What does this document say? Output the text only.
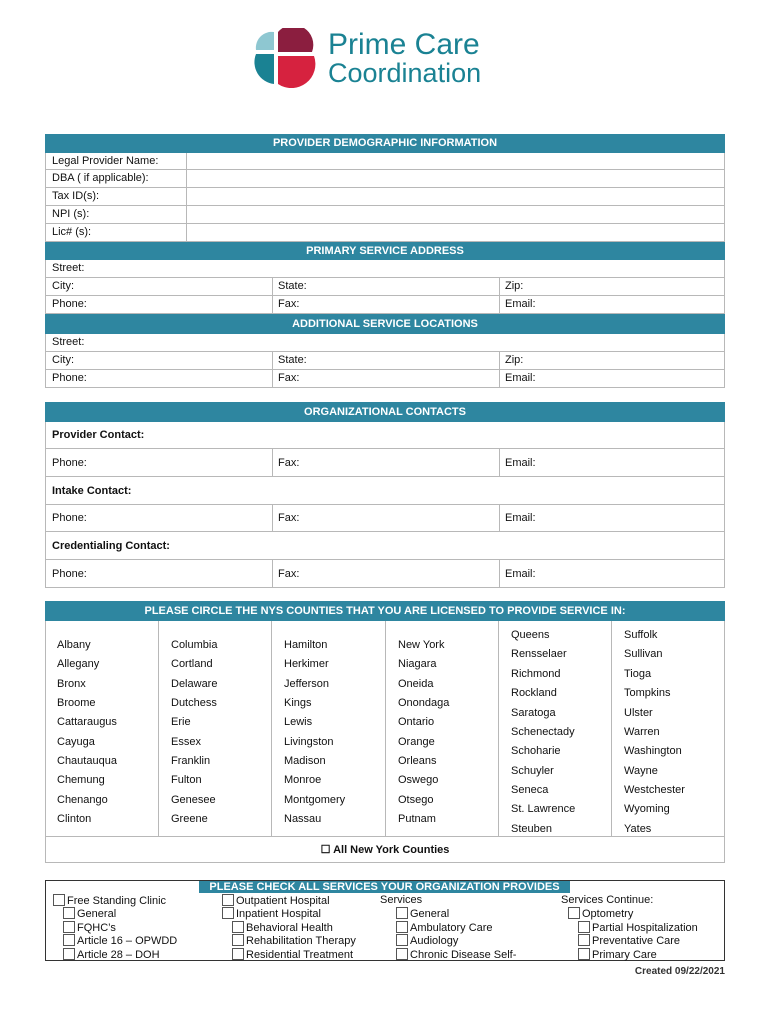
Prime Care
Coordination
PROVIDER DEMOGRAPHIC INFORMATION
Legal Provider Name:
DBA ( if applicable):
Tax ID(s):
NPI (s):
Lic# (s):
PRIMARY SERVICE ADDRESS
Street:
City:	State:	Zip:
Phone:	Fax:	Email:
ADDITIONAL SERVICE LOCATIONS
Street:
City:	State:	Zip:
Phone:	Fax:	Email:
ORGANIZATIONAL CONTACTS
Provider Contact:
Phone:	Fax:	Email:
Intake Contact:
Phone:	Fax:	Email:
Credentialing Contact:
Phone:	Fax:	Email:
PLEASE CIRCLE THE NYS COUNTIES THAT YOU ARE LICENSED TO PROVIDE SERVICE IN:
Albany
Allegany
Bronx
Broome
Cattaraugus
Cayuga
Chautauqua
Chemung
Chenango
Clinton
Columbia
Cortland
Delaware
Dutchess
Erie
Essex
Franklin
Fulton
Genesee
Greene
Hamilton
Herkimer
Jefferson
Kings
Lewis
Livingston
Madison
Monroe
Montgomery
Nassau
New York
Niagara
Oneida
Onondaga
Ontario
Orange
Orleans
Oswego
Otsego
Putnam
Queens
Rensselaer
Richmond
Rockland
Saratoga
Schenectady
Schoharie
Schuyler
Seneca
St. Lawrence
Steuben
Suffolk
Sullivan
Tioga
Tompkins
Ulster
Warren
Washington
Wayne
Westchester
Wyoming
Yates
☐ All New York Counties
PLEASE CHECK ALL SERVICES YOUR ORGANIZATION PROVIDES
Free Standing Clinic
General
FQHC’s
Article 16 – OPWDD
Article 28 – DOH
Outpatient Hospital
Inpatient Hospital
Behavioral Health
Rehabilitation Therapy
Residential Treatment
Services
General
Ambulatory Care
Audiology
Chronic Disease Self-
Services Continue:
Optometry
Partial Hospitalization
Preventative Care
Primary Care
Created 09/22/2021
